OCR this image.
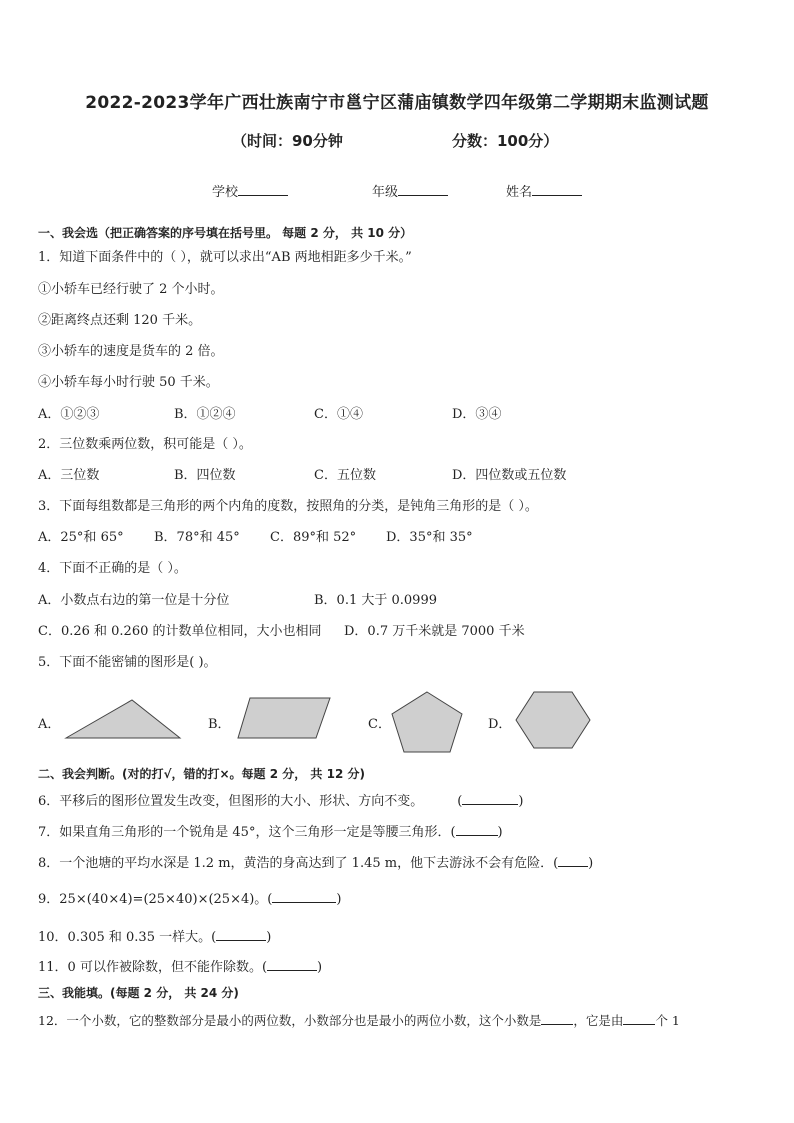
2022-2023学年广西壮族南宁市邕宁区蒲庙镇数学四年级第二学期期末监测试题
（时间：90分钟	分数：100分）
学校	年级	姓名
一、我会选（把正确答案的序号填在括号里。 每题 2 分， 共 10 分）
1．知道下面条件中的（ ），就可以求出“AB 两地相距多少千米。”
①小轿车已经行驶了 2 个小时。
②距离终点还剩 120 千米。
③小轿车的速度是货车的 2 倍。
④小轿车每小时行驶 50 千米。
A．①②③	B．①②④	C．①④	D．③④
2．三位数乘两位数，积可能是（ ）。
A．三位数	B．四位数	C．五位数	D．四位数或五位数
3．下面每组数都是三角形的两个内角的度数，按照角的分类，是钝角三角形的是（ ）。
A．25°和 65° B．78°和 45° C．89°和 52° D．35°和 35°
4．下面不正确的是（ ）。
A．小数点右边的第一位是十分位	B．0.1 大于 0.0999
C．0.26 和 0.260 的计数单位相同，大小也相同 D．0.7 万千米就是 7000 千米
5．下面不能密铺的图形是( )。
A．	B．	C．	D．
二、我会判断。(对的打√，错的打×。每题 2 分， 共 12 分)
6．平移后的图形位置发生改变，但图形的大小、形状、方向不变。	(	)
7．如果直角三角形的一个锐角是 45°，这个三角形一定是等腰三角形．(	)
8．一个池塘的平均水深是 1.2 m，黄浩的身高达到了 1.45 m，他下去游泳不会有危险．( )
9．25×(40×4)=(25×40)×(25×4)。(	)
10．0.305 和 0.35 一样大。(	)
11．0 可以作被除数，但不能作除数。(	)
三、我能填。(每题 2 分， 共 24 分)
12．一个小数，它的整数部分是最小的两位数，小数部分也是最小的两位小数，这个小数是	，它是由	个 1
